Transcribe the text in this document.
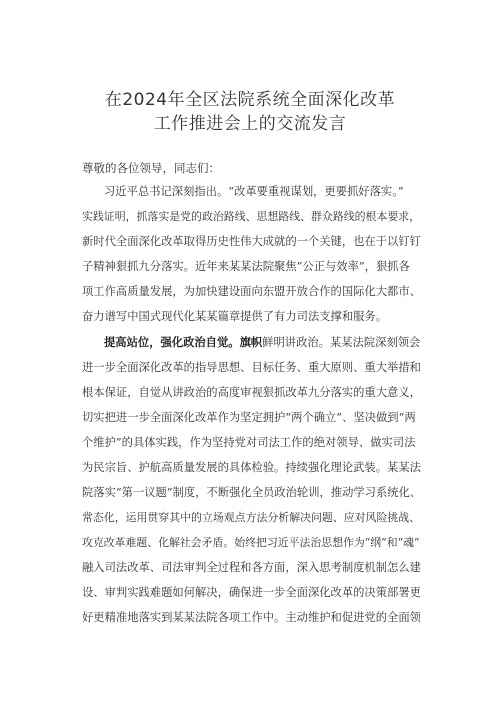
在2024年全区法院系统全面深化改革
工作推进会上的交流发言
尊敬的各位领导，同志们：
习近平总书记深刻指出。“改革要重视谋划，更要抓好落实。”
实践证明，抓落实是党的政治路线、思想路线、群众路线的根本要求，
新时代全面深化改革取得历史性伟大成就的一个关键，也在于以钉钉
子精神狠抓九分落实。近年来某某法院聚焦”公正与效率”，狠抓各
项工作高质量发展，为加快建设面向东盟开放合作的国际化大都市、
奋力谱写中国式现代化某某篇章提供了有力司法支撑和服务。
提高站位，强化政治自觉。旗帜鲜明讲政治。某某法院深刻领会
进一步全面深化改革的指导思想、目标任务、重大原则、重大举措和
根本保证，自觉从讲政治的高度审视狠抓改革九分落实的重大意义，
切实把进一步全面深化改革作为坚定拥护“两个确立”、坚决做到“两
个维护”的具体实践，作为坚持党对司法工作的绝对领导、做实司法
为民宗旨、护航高质量发展的具体检验。持续强化理论武装。某某法
院落实“第一议题”制度，不断强化全员政治轮训，推动学习系统化、
常态化，运用贯穿其中的立场观点方法分析解决问题、应对风险挑战、
攻克改革难题、化解社会矛盾。始终把习近平法治思想作为“纲”和“魂”
融入司法改革、司法审判全过程和各方面，深入思考制度机制怎么建
设、审判实践难题如何解决，确保进一步全面深化改革的决策部署更
好更精准地落实到某某法院各项工作中。主动维护和促进党的全面领
